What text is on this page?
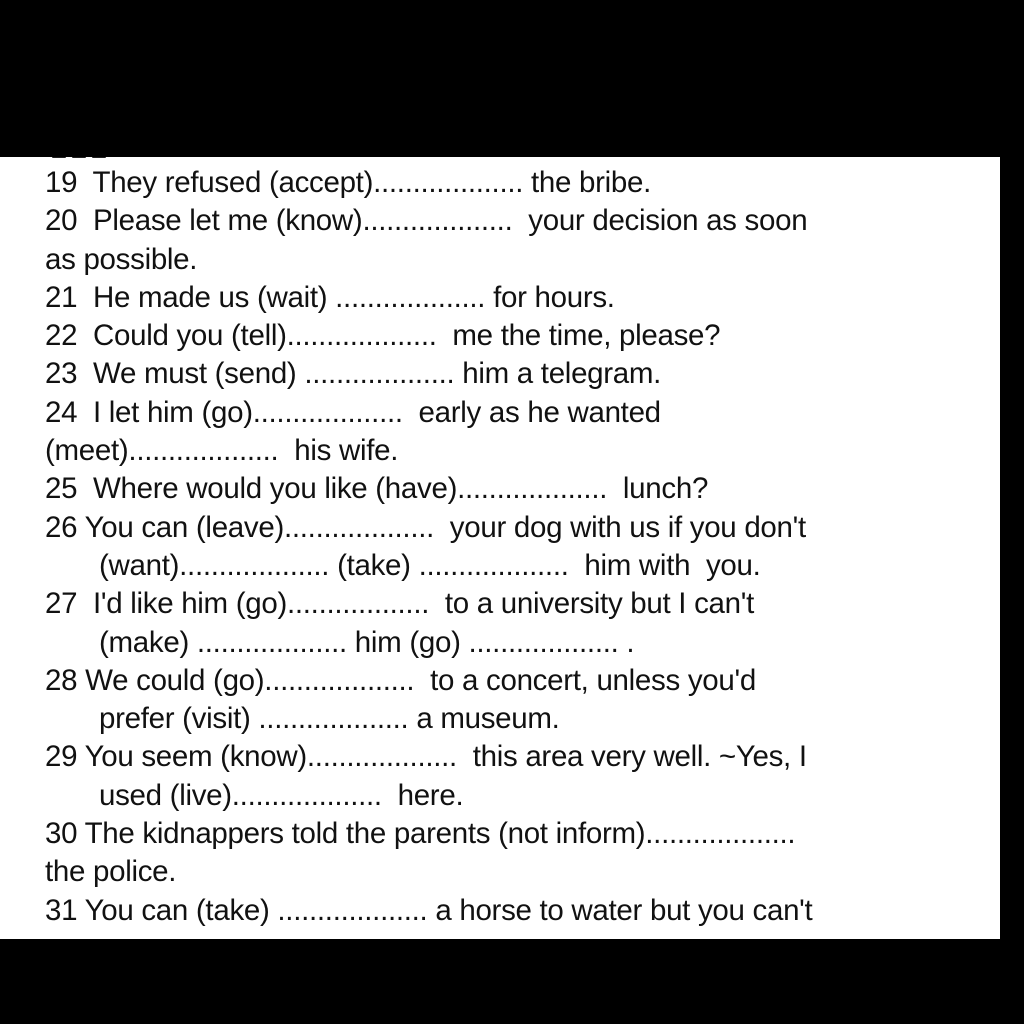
19  They refused (accept)................... the bribe.
20  Please let me (know)...................  your decision as soon
as possible.
21  He made us (wait) ................... for hours.
22  Could you (tell)...................  me the time, please?
23  We must (send) ................... him a telegram.
24  I let him (go)...................  early as he wanted
(meet)...................  his wife.
25  Where would you like (have)...................  lunch?
26 You can (leave)...................  your dog with us if you don't
(want)................... (take) ...................  him with  you.
27  I'd like him (go)..................  to a university but I can't
(make) ................... him (go) ................... .
28 We could (go)...................  to a concert, unless you'd
prefer (visit) ................... a museum.
29 You seem (know)...................  this area very well. ~Yes, I
used (live)...................  here.
30 The kidnappers told the parents (not inform)...................
the police.
31 You can (take) ................... a horse to water but you can't
